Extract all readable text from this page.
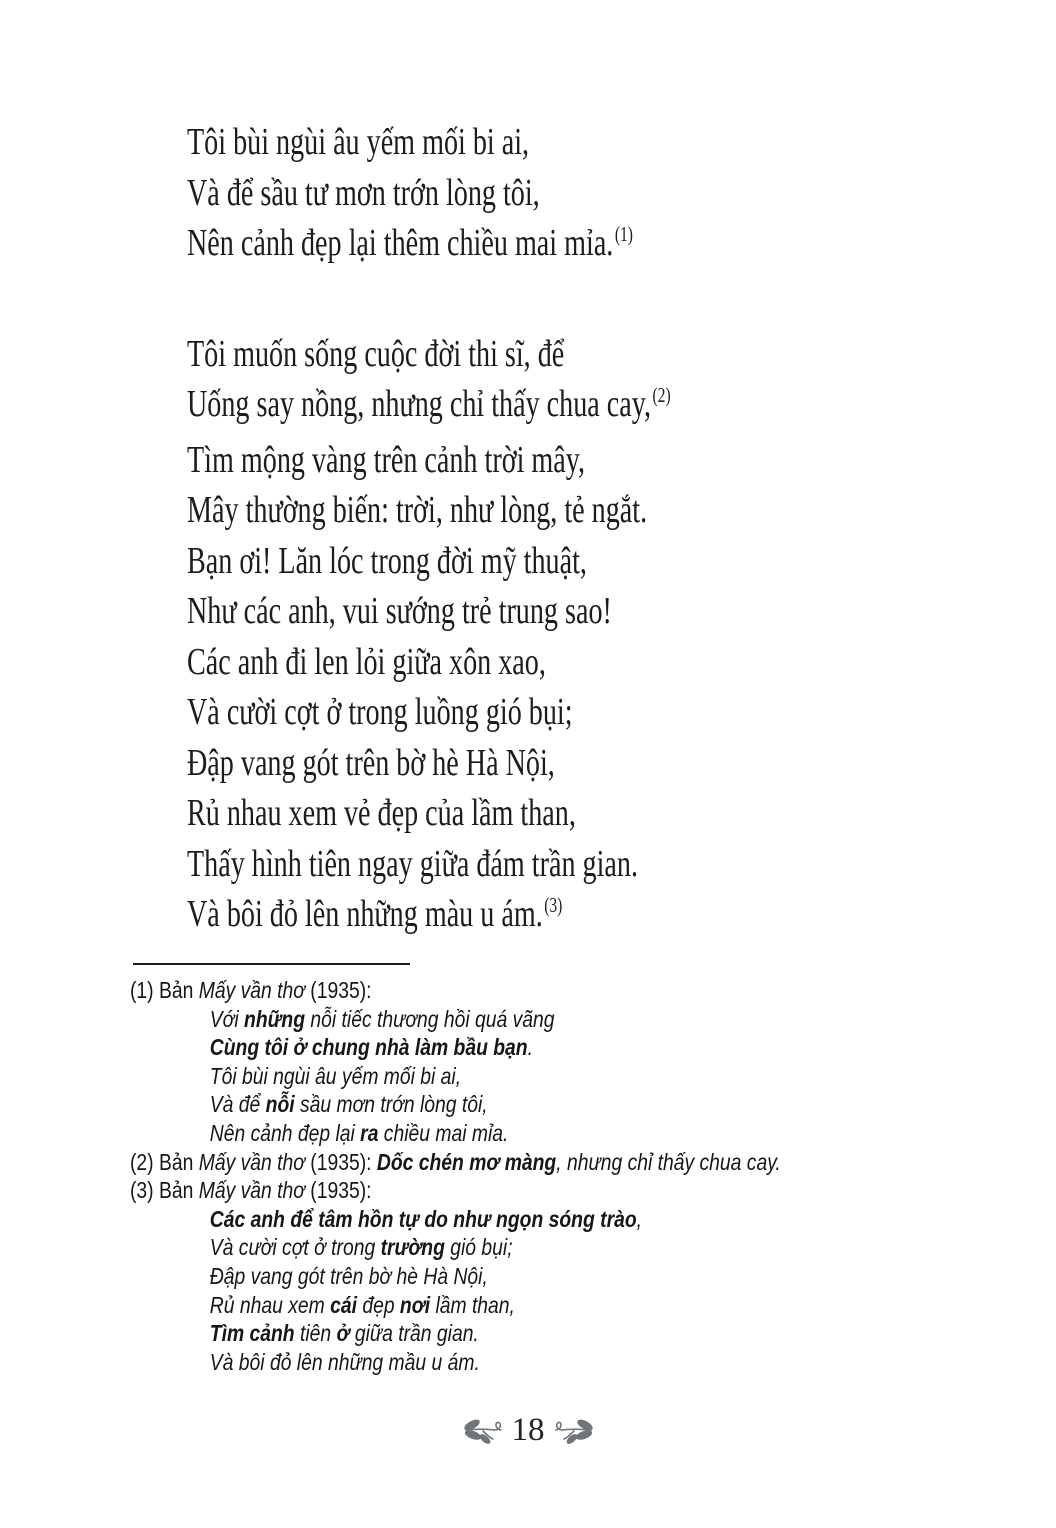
Tôi bùi ngùi âu yếm mối bi ai,
Và để sầu tư mơn trớn lòng tôi,
Nên cảnh đẹp lại thêm chiều mai mỉa.$^{(1)}$
Tôi muốn sống cuộc đời thi sĩ, để
Uống say nồng, nhưng chỉ thấy chua cay,$^{(2)}$
Tìm mộng vàng trên cảnh trời mây,
Mây thường biến: trời, như lòng, tẻ ngắt.
Bạn ơi! Lăn lóc trong đời mỹ thuật,
Như các anh, vui sướng trẻ trung sao!
Các anh đi len lỏi giữa xôn xao,
Và cười cợt ở trong luồng gió bụi;
Đập vang gót trên bờ hè Hà Nội,
Rủ nhau xem vẻ đẹp của lầm than,
Thấy hình tiên ngay giữa đám trần gian.
Và bôi đỏ lên những màu u ám.$^{(3)}$
(1) Bản Mấy vần thơ (1935):
Với những nỗi tiếc thương hồi quá vãng
Cùng tôi ở chung nhà làm bầu bạn.
Tôi bùi ngùi âu yếm mối bi ai,
Và để nỗi sầu mơn trớn lòng tôi,
Nên cảnh đẹp lại ra chiều mai mỉa.
(2) Bản Mấy vần thơ (1935): Dốc chén mơ màng, nhưng chỉ thấy chua cay.
(3) Bản Mấy vần thơ (1935):
Các anh để tâm hồn tự do như ngọn sóng trào,
Và cười cợt ở trong trường gió bụi;
Đập vang gót trên bờ hè Hà Nội,
Rủ nhau xem cái đẹp nơi lầm than,
Tìm cảnh tiên ở giữa trần gian.
Và bôi đỏ lên những mầu u ám.
18
